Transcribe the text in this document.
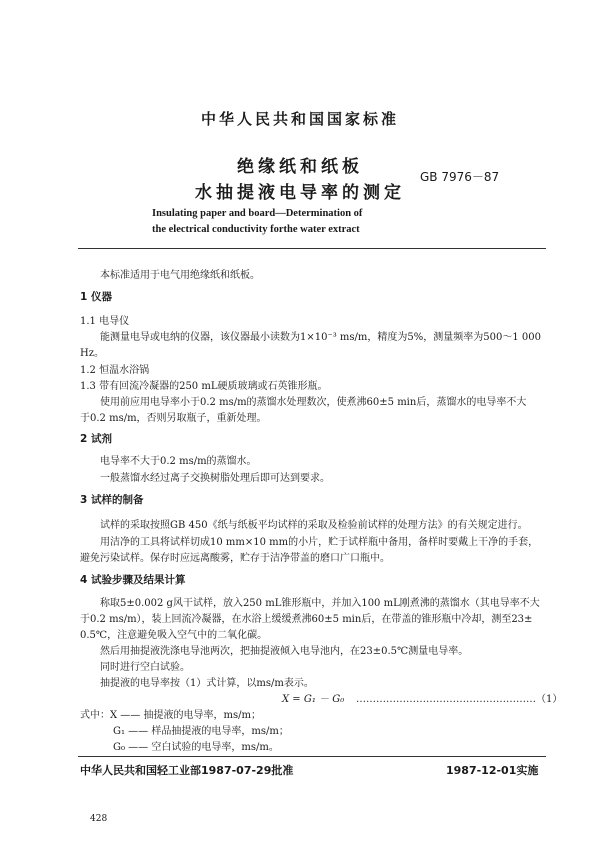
中华人民共和国国家标准
绝缘纸和纸板
水抽提液电导率的测定
GB 7976－87
Insulating paper and board—Determination of
the electrical conductivity forthe water extract
本标准适用于电气用绝缘纸和纸板。
1 仪器
1.1 电导仪
能测量电导或电纳的仪器，该仪器最小读数为1×10⁻³ ms/m，精度为5%，测量频率为500～1 000
Hz。
1.2 恒温水浴锅
1.3 带有回流冷凝器的250 mL硬质玻璃或石英锥形瓶。
使用前应用电导率小于0.2 ms/m的蒸馏水处理数次，使煮沸60±5 min后，蒸馏水的电导率不大
于0.2 ms/m，否则另取瓶子，重新处理。
2 试剂
电导率不大于0.2 ms/m的蒸馏水。
一般蒸馏水经过离子交换树脂处理后即可达到要求。
3 试样的制备
试样的采取按照GB 450《纸与纸板平均试样的采取及检验前试样的处理方法》的有关规定进行。
用洁净的工具将试样切成10 mm×10 mm的小片，贮于试样瓶中备用，备样时要戴上干净的手套，
避免污染试样。保存时应远离酸雾，贮存于洁净带盖的磨口广口瓶中。
4 试验步骤及结果计算
称取5±0.002 g风干试样，放入250 mL锥形瓶中，并加入100 mL刚煮沸的蒸馏水（其电导率不大
于0.2 ms/m），装上回流冷凝器，在水浴上缓缓煮沸60±5 min后，在带盖的锥形瓶中冷却，测至23±
0.5℃，注意避免吸入空气中的二氧化碳。
然后用抽提液洗涤电导池两次，把抽提液倾入电导池内，在23±0.5℃测量电导率。
同时进行空白试验。
抽提液的电导率按（1）式计算，以ms/m表示。
X = G₁ － G₀ ………………………………………………（1）
式中：X —— 抽提液的电导率，ms/m；
G₁ —— 样品抽提液的电导率，ms/m；
G₀ —— 空白试验的电导率，ms/m。
中华人民共和国轻工业部1987-07-29批准	1987-12-01实施
428
